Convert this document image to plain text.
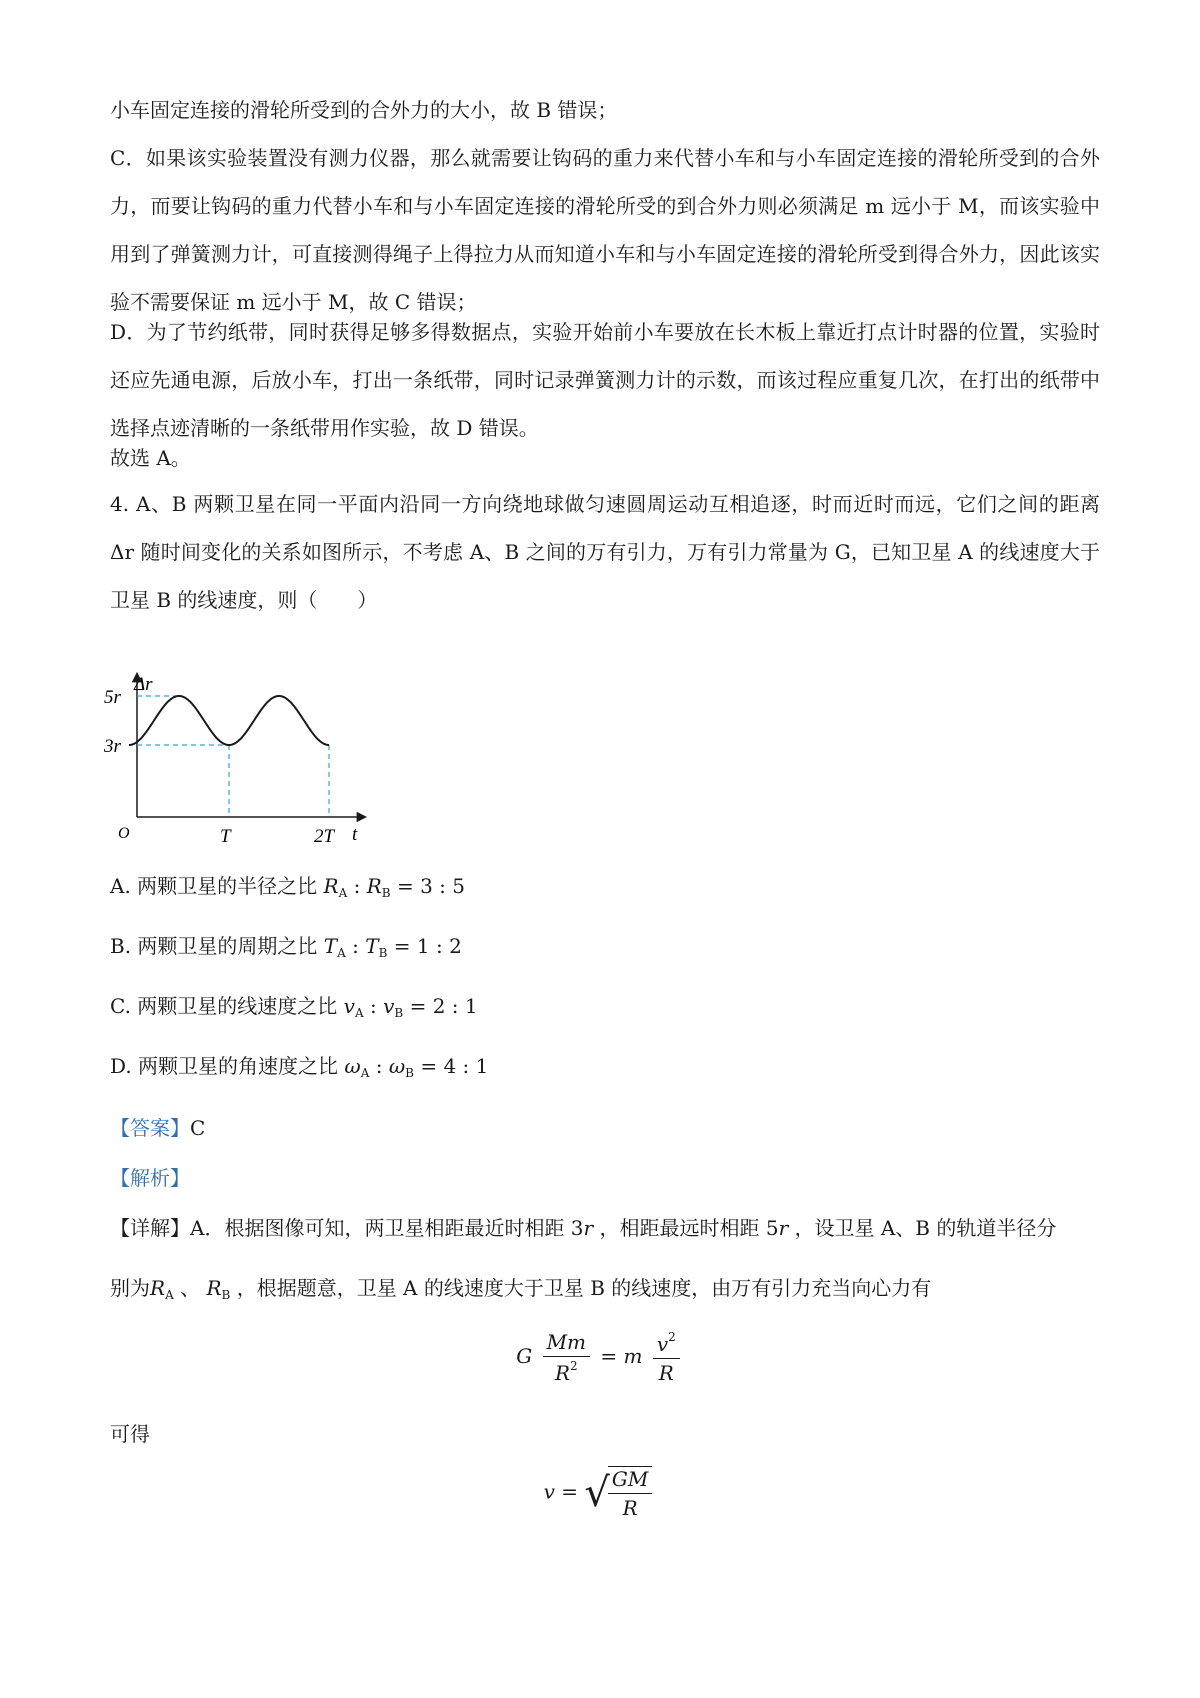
小车固定连接的滑轮所受到的合外力的大小，故 B 错误；

C．如果该实验装置没有测力仪器，那么就需要让钩码的重力来代替小车和与小车固定连接的滑轮所受到的合外力，而要让钩码的重力代替小车和与小车固定连接的滑轮所受的到合外力则必须满足 m 远小于 M，而该实验中用到了弹簧测力计，可直接测得绳子上得拉力从而知道小车和与小车固定连接的滑轮所受到得合外力，因此该实验不需要保证 m 远小于 M，故 C 错误；

D．为了节约纸带，同时获得足够多得数据点，实验开始前小车要放在长木板上靠近打点计时器的位置，实验时还应先通电源，后放小车，打出一条纸带，同时记录弹簧测力计的示数，而该过程应重复几次，在打出的纸带中选择点迹清晰的一条纸带用作实验，故 D 错误。

故选 A。

4. A、B 两颗卫星在同一平面内沿同一方向绕地球做匀速圆周运动互相追逐，时而近时而远，它们之间的距离 Δr 随时间变化的关系如图所示，不考虑 A、B 之间的万有引力，万有引力常量为 G，已知卫星 A 的线速度大于卫星 B 的线速度，则（　　）

Δr
5r
3r
O	T	2T t
A. 两颗卫星的半径之比 $R_A$ : $R_B = 3$ : 5
B. 两颗卫星的周期之比 $T_A$ : $T_B = 1$ : 2
C. 两颗卫星的线速度之比 $v_A$ : $v_B = 2$ : 1
D. 两颗卫星的角速度之比 $\omega_A$ : $\omega_B = 4$ : 1
【答案】C
【解析】
【详解】A．根据图像可知，两卫星相距最近时相距 3r ，相距最远时相距 5r ，设卫星 A、B 的轨道半径分
别为$R_A$ 、 $R_B$ ，根据题意，卫星 A 的线速度大于卫星 B 的线速度，由万有引力充当向心力有
G $\frac{Mm}{R^2} = m \frac{v^2}{R}$
可得
v = √
$\frac{GM}{R}$
